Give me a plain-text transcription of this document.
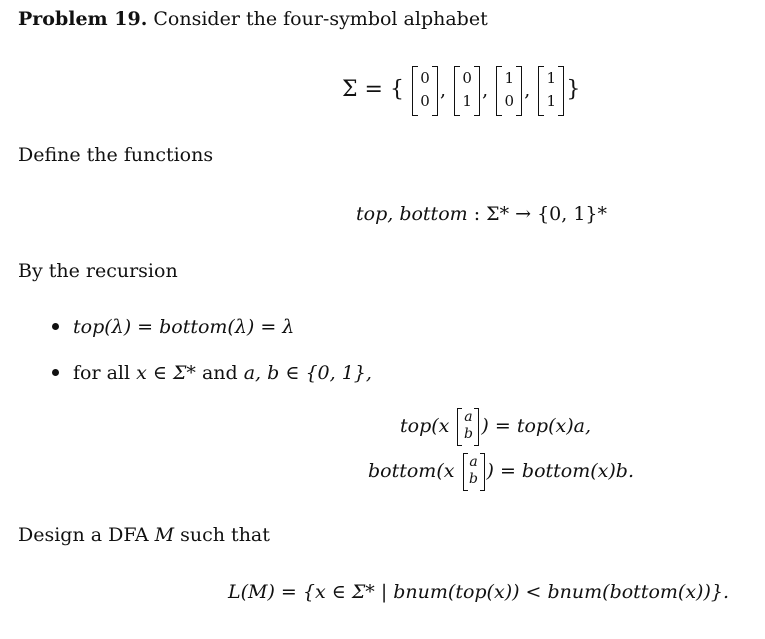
Problem 19. Consider the four-symbol alphabet
Σ = {	0
0 ,
0
1 ,
1
0 ,
1
1 }
Define the functions
top, bottom : Σ* → {0, 1}*
By the recursion
top(λ) = bottom(λ) = λ
for all x ∈ Σ* and a, b ∈ {0, 1},
top(x	a
b ) = top(x)a,
bottom(x	a
b ) = bottom(x)b.
Design a DFA M such that
L(M) = {x ∈ Σ* | bnum(top(x)) < bnum(bottom(x))}.
